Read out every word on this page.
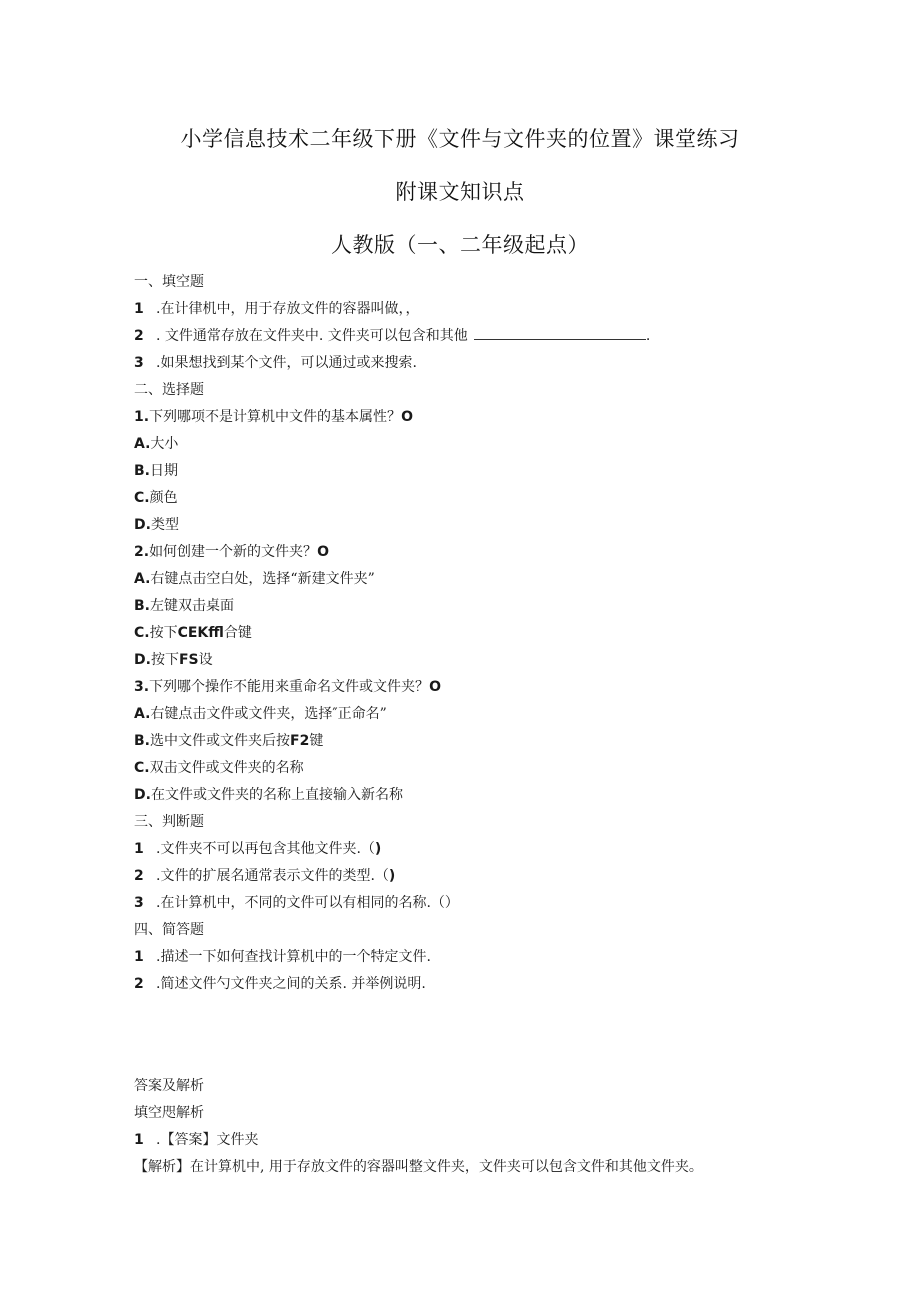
小学信息技术二年级下册《文件与文件夹的位置》课堂练习
附课文知识点
人教版（一、二年级起点）
一、填空题
1 .在计律机中，用于存放文件的容器叫做，，
2 . 文件通常存放在文件夹中. 文件夹可以包含和其他	.
3 .如果想找到某个文件，可以通过或来搜索.
二、选择题
1.下列哪项不是计算机中文件的基本属性？O
A.大小
B.日期
C.颜色
D.类型
2.如何创建一个新的文件夹？O
A.右键点击空白处，选择“新建文件夹”
B.左键双击桌面
C.按下CEKffl合键
D.按下FS设
3.下列哪个操作不能用来重命名文件或文件夹？O
A.右键点击文件或文件夹，选择″正命名”
B.选中文件或文件夹后按F2键
C.双击文件或文件夹的名称
D.在文件或文件夹的名称上直接输入新名称
三、判断题
1 .文件夹不可以再包含其他文件夹.（)
2 .文件的扩展名通常表示文件的类型.（)
3 .在计算机中，不同的文件可以有相同的名称.（）
四、简答题
1 .描述一下如何查找计算机中的一个特定文件.
2 .简述文件勺文件夹之间的关系. 并举例说明.
答案及解析
填空咫解析
1 .【答案】文件夹
【解析】在计算机中, 用于存放文件的容器叫整文件夹，文件夹可以包含文件和其他文件夹。
